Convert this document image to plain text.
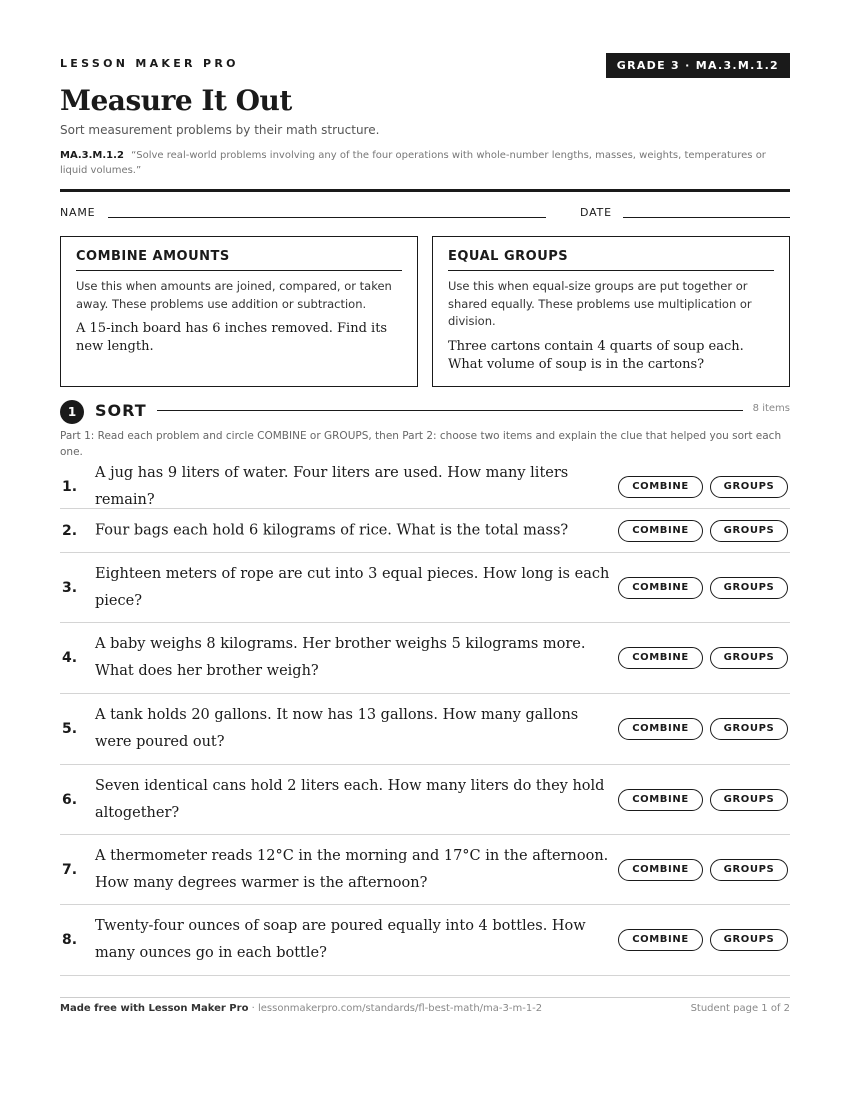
LESSON MAKER PRO	GRADE 3 · MA.3.M.1.2
Measure It Out
Sort measurement problems by their math structure.
MA.3.M.1.2 “Solve real-world problems involving any of the four operations with whole-number lengths, masses, weights, temperatures or liquid volumes.”
NAME	DATE
COMBINE AMOUNTS
Use this when amounts are joined, compared, or taken away. These problems use addition or subtraction.
A 15-inch board has 6 inches removed. Find its new length.
EQUAL GROUPS
Use this when equal-size groups are put together or shared equally. These problems use multiplication or division.
Three cartons contain 4 quarts of soup each. What volume of soup is in the cartons?
1	SORT	8 items
Part 1: Read each problem and circle COMBINE or GROUPS, then Part 2: choose two items and explain the clue that helped you sort each one.
1.
A jug has 9 liters of water. Four liters are used. How many liters remain?
COMBINE	GROUPS
2. Four bags each hold 6 kilograms of rice. What is the total mass?	COMBINE	GROUPS
3.
Eighteen meters of rope are cut into 3 equal pieces. How long is each piece?
COMBINE	GROUPS
4.
A baby weighs 8 kilograms. Her brother weighs 5 kilograms more. What does her brother weigh?
COMBINE	GROUPS
5.
A tank holds 20 gallons. It now has 13 gallons. How many gallons were poured out?
COMBINE	GROUPS
6.
Seven identical cans hold 2 liters each. How many liters do they hold altogether?
COMBINE	GROUPS
7.
A thermometer reads 12°C in the morning and 17°C in the afternoon. How many degrees warmer is the afternoon?
COMBINE	GROUPS
8.
Twenty-four ounces of soap are poured equally into 4 bottles. How many ounces go in each bottle?
COMBINE	GROUPS
Made free with Lesson Maker Pro · lessonmakerpro.com/standards/fl-best-math/ma-3-m-1-2	Student page 1 of 2
